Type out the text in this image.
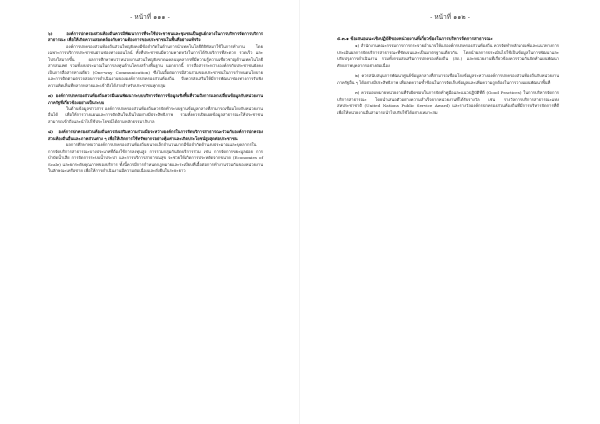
- หน้าที่ ๑๑๑ -

๖) องค์การปกครองส่วนท้องถิ่นควรมีพัฒนาการที่จะใช้ประชาชนและชุมชนเป็นศูนย์กลางในการบริหารจัดการบริการสาธารณะ เพื่อให้เกิดความสอดคล้องกับความต้องการของประชาชนในพื้นที่อย่างแท้จริง

องค์การปกครองส่วนท้องถิ่นส่วนใหญ่ยังคงมีข้อจำกัดในด้านการนำเทคโนโลยีดิจิทัลมาใช้ในการทำงาน โดยเฉพาะการบริการประชาชนผ่านช่องทางออนไลน์ ทั้งที่ประชาชนมีความคาดหวังในการได้รับบริการที่สะดวก รวดเร็ว และโปร่งใสมากขึ้น ผลการศึกษาพบว่าหน่วยงานส่วนใหญ่ยังขาดแคลนบุคลากรที่มีความรู้ความเชี่ยวชาญด้านเทคโนโลยีสารสนเทศ รวมทั้งงบประมาณในการลงทุนด้านโครงสร้างพื้นฐาน นอกจากนี้ การสื่อสารระหว่างองค์กรกับประชาชนยังคงเป็นการสื่อสารทางเดียว (One-way Communication) ซึ่งไม่เอื้อต่อการมีส่วนร่วมของประชาชนในการกำหนดนโยบายและการติดตามตรวจสอบการดำเนินงานขององค์การปกครองส่วนท้องถิ่น จึงควรส่งเสริมให้มีการพัฒนาช่องทางการรับฟังความคิดเห็นที่หลากหลายและเข้าถึงได้ง่ายสำหรับประชาชนทุกกลุ่ม

๗) องค์การปกครองส่วนท้องถิ่นควรมีแผนพัฒนาระบบบริหารจัดการข้อมูลเชิงพื้นที่รวมถึงการแลกเปลี่ยนข้อมูลกับหน่วยงานภาครัฐที่เกี่ยวข้องอย่างเป็นระบบ

ในด้านข้อมูลข่าวสาร องค์การปกครองส่วนท้องถิ่นควรจัดทำระบบฐานข้อมูลกลางที่สามารถเชื่อมโยงกับหน่วยงานอื่นได้ เพื่อให้การวางแผนและการตัดสินใจเป็นไปอย่างมีประสิทธิภาพ รวมทั้งควรเปิดเผยข้อมูลสาธารณะให้ประชาชนสามารถเข้าถึงและนำไปใช้ประโยชน์ได้ตามหลักธรรมาภิบาล

๘) องค์การปกครองส่วนท้องถิ่นควรส่งเสริมความร่วมมือระหว่างองค์กรในการจัดบริการสาธารณะร่วมกับองค์การปกครองส่วนท้องถิ่นอื่นและภาคส่วนต่าง ๆ เพื่อให้เกิดการใช้ทรัพยากรอย่างคุ้มค่าและเกิดประโยชน์สูงสุดต่อประชาชน

ผลการศึกษาพบว่าองค์การปกครองส่วนท้องถิ่นขนาดเล็กจำนวนมากมีข้อจำกัดด้านงบประมาณและบุคลากรในการจัดบริการสาธารณะบางประเภทที่ต้องใช้การลงทุนสูง การรวมกลุ่มกันจัดบริการร่วม เช่น การจัดการขยะมูลฝอย การบำบัดน้ำเสีย การจัดการระบบน้ำประปา และการบริการสาธารณสุข จะช่วยให้เกิดการประหยัดจากขนาด (Economies of Scale) และยกระดับคุณภาพของบริการ ทั้งนี้ควรมีการกำหนดกฎหมายและระเบียบที่เอื้อต่อการทำงานร่วมกันของหน่วยงานในลักษณะเครือข่าย เพื่อให้การดำเนินงานมีความต่อเนื่องและยั่งยืนในระยะยาว

- หน้าที่ ๑๑๒ -

๕.๓.๑ ข้อเสนอแนะเชิงปฏิบัติของหน่วยงานที่เกี่ยวข้องในการบริหารจัดการสาธารณะ

๑) สำนักงานคณะกรรมการการกระจายอำนาจให้แก่องค์กรปกครองส่วนท้องถิ่น ควรจัดทำหลักเกณฑ์และแนวทางการประเมินผลการจัดบริการสาธารณะที่ชัดเจนและเป็นมาตรฐานเดียวกัน โดยนำผลการประเมินไปใช้เป็นข้อมูลในการพัฒนาและปรับปรุงการดำเนินงาน รวมทั้งกรมส่งเสริมการปกครองท้องถิ่น (สถ.) และหน่วยงานที่เกี่ยวข้องควรร่วมกันจัดทำแผนพัฒนาศักยภาพบุคลากรอย่างต่อเนื่อง

๒) ควรสนับสนุนการพัฒนาศูนย์ข้อมูลกลางที่สามารถเชื่อมโยงข้อมูลระหว่างองค์การปกครองส่วนท้องถิ่นกับหน่วยงานภาครัฐอื่น ๆ ได้อย่างมีประสิทธิภาพ เพื่อลดความซ้ำซ้อนในการจัดเก็บข้อมูลและเพิ่มความถูกต้องในการวางแผนพัฒนาพื้นที่

๓) ควรมอบหมายหน่วยงานที่รับผิดชอบในการจัดทำคู่มือและแนวปฏิบัติที่ดี (Good Practices) ในการบริหารจัดการบริการสาธารณะ โดยนำเสนอตัวอย่างความสำเร็จจากหน่วยงานที่ได้รับรางวัล เช่น รางวัลการบริการสาธารณะแห่งสหประชาชาติ (United Nations Public Service Award) และรางวัลองค์กรปกครองส่วนท้องถิ่นที่มีการบริหารจัดการที่ดี เพื่อให้หน่วยงานอื่นสามารถนำไปปรับใช้ได้อย่างเหมาะสม
